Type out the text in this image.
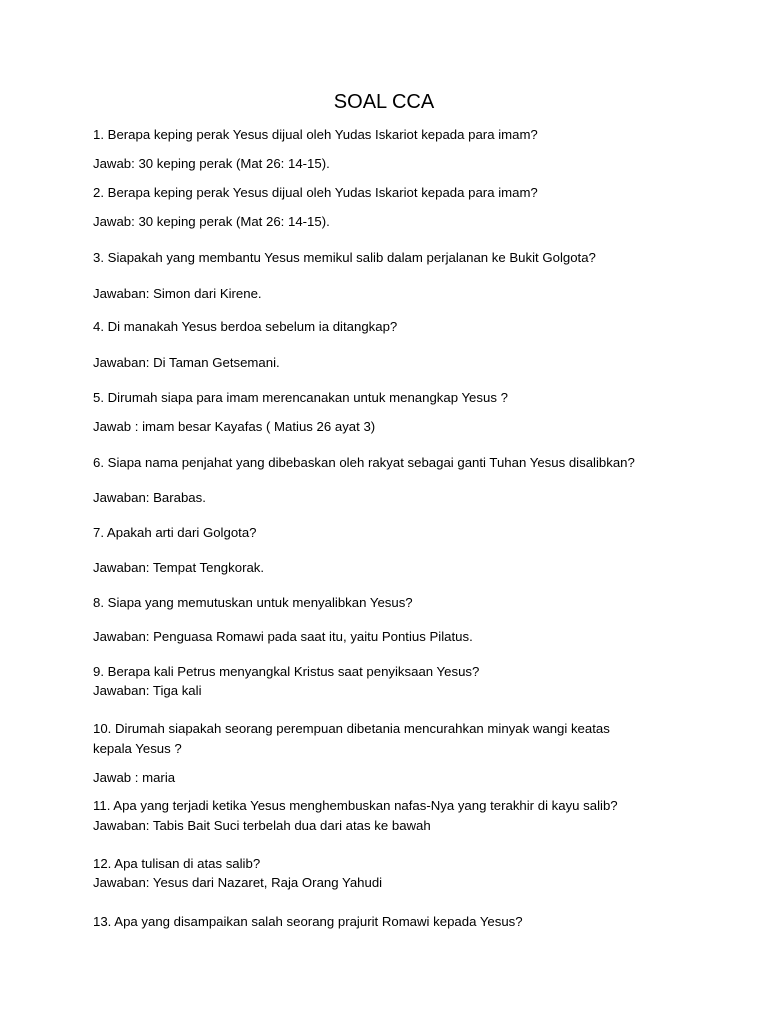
SOAL CCA

1. Berapa keping perak Yesus dijual oleh Yudas Iskariot kepada para imam?

Jawab: 30 keping perak (Mat 26: 14-15).

2. Berapa keping perak Yesus dijual oleh Yudas Iskariot kepada para imam?

Jawab: 30 keping perak (Mat 26: 14-15).

3. Siapakah yang membantu Yesus memikul salib dalam perjalanan ke Bukit Golgota?

Jawaban: Simon dari Kirene.

4. Di manakah Yesus berdoa sebelum ia ditangkap?

Jawaban: Di Taman Getsemani.

5. Dirumah siapa para imam merencanakan untuk menangkap Yesus ?

Jawab : imam besar Kayafas ( Matius 26 ayat 3)

6. Siapa nama penjahat yang dibebaskan oleh rakyat sebagai ganti Tuhan Yesus disalibkan?

Jawaban: Barabas.

7. Apakah arti dari Golgota?

Jawaban: Tempat Tengkorak.

8. Siapa yang memutuskan untuk menyalibkan Yesus?

Jawaban: Penguasa Romawi pada saat itu, yaitu Pontius Pilatus.

9. Berapa kali Petrus menyangkal Kristus saat penyiksaan Yesus?

Jawaban: Tiga kali

10. Dirumah siapakah seorang perempuan dibetania mencurahkan minyak wangi keatas

kepala Yesus ?

Jawab : maria

11. Apa yang terjadi ketika Yesus menghembuskan nafas-Nya yang terakhir di kayu salib?

Jawaban: Tabis Bait Suci terbelah dua dari atas ke bawah

12. Apa tulisan di atas salib?

Jawaban: Yesus dari Nazaret, Raja Orang Yahudi

13. Apa yang disampaikan salah seorang prajurit Romawi kepada Yesus?
